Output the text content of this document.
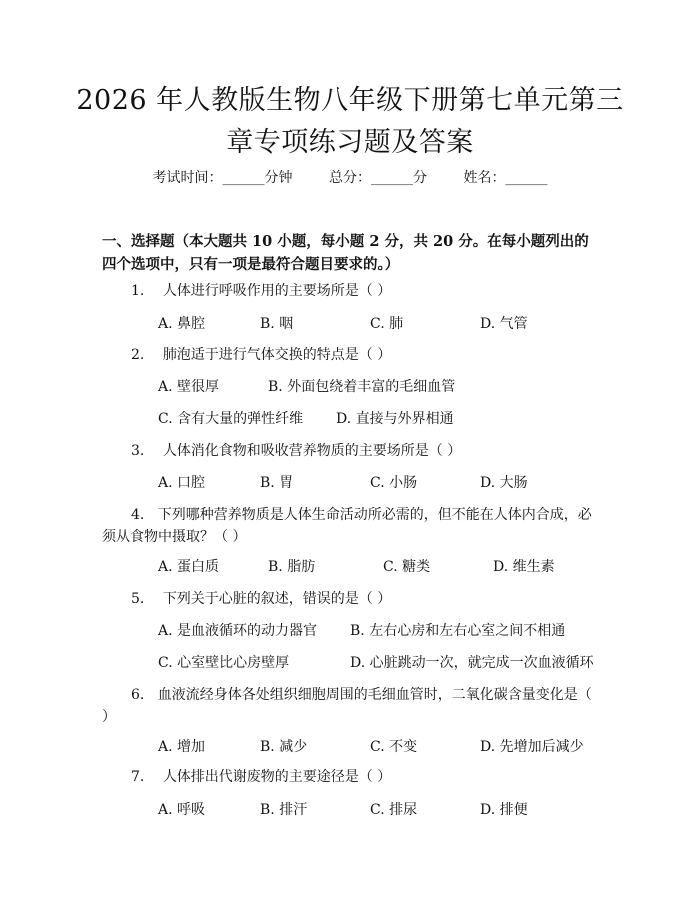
2026 年人教版生物八年级下册第七单元第三
章专项练习题及答案
考试时间：______分钟	总分：______分	姓名：______
一、选择题（本大题共 10 小题，每小题 2 分，共 20 分。在每小题列出的四个选项中，只有一项是最符合题目要求的。）
1. 人体进行呼吸作用的主要场所是（ ）
A. 鼻腔	B. 咽	C. 肺	D. 气管
2. 肺泡适于进行气体交换的特点是（ ）
A. 壁很厚	B. 外面包绕着丰富的毛细血管
C. 含有大量的弹性纤维 D. 直接与外界相通
3. 人体消化食物和吸收营养物质的主要场所是（ ）
A. 口腔	B. 胃	C. 小肠	D. 大肠
4.   下列哪种营养物质是人体生命活动所必需的，但不能在人体内合成，必须从食物中摄取？（ ）
A. 蛋白质	B. 脂肪	C. 糖类	D. 维生素
5. 下列关于心脏的叙述，错误的是（ ）
A. 是血液循环的动力器官 B. 左右心房和左右心室之间不相通
C. 心室壁比心房壁厚	D. 心脏跳动一次，就完成一次血液循环
6.   血液流经身体各处组织细胞周围的毛细血管时，二氧化碳含量变化是（ ）
A. 增加	B. 减少	C. 不变	D. 先增加后减少
7. 人体排出代谢废物的主要途径是（ ）
A. 呼吸	B. 排汗	C. 排尿	D. 排便
